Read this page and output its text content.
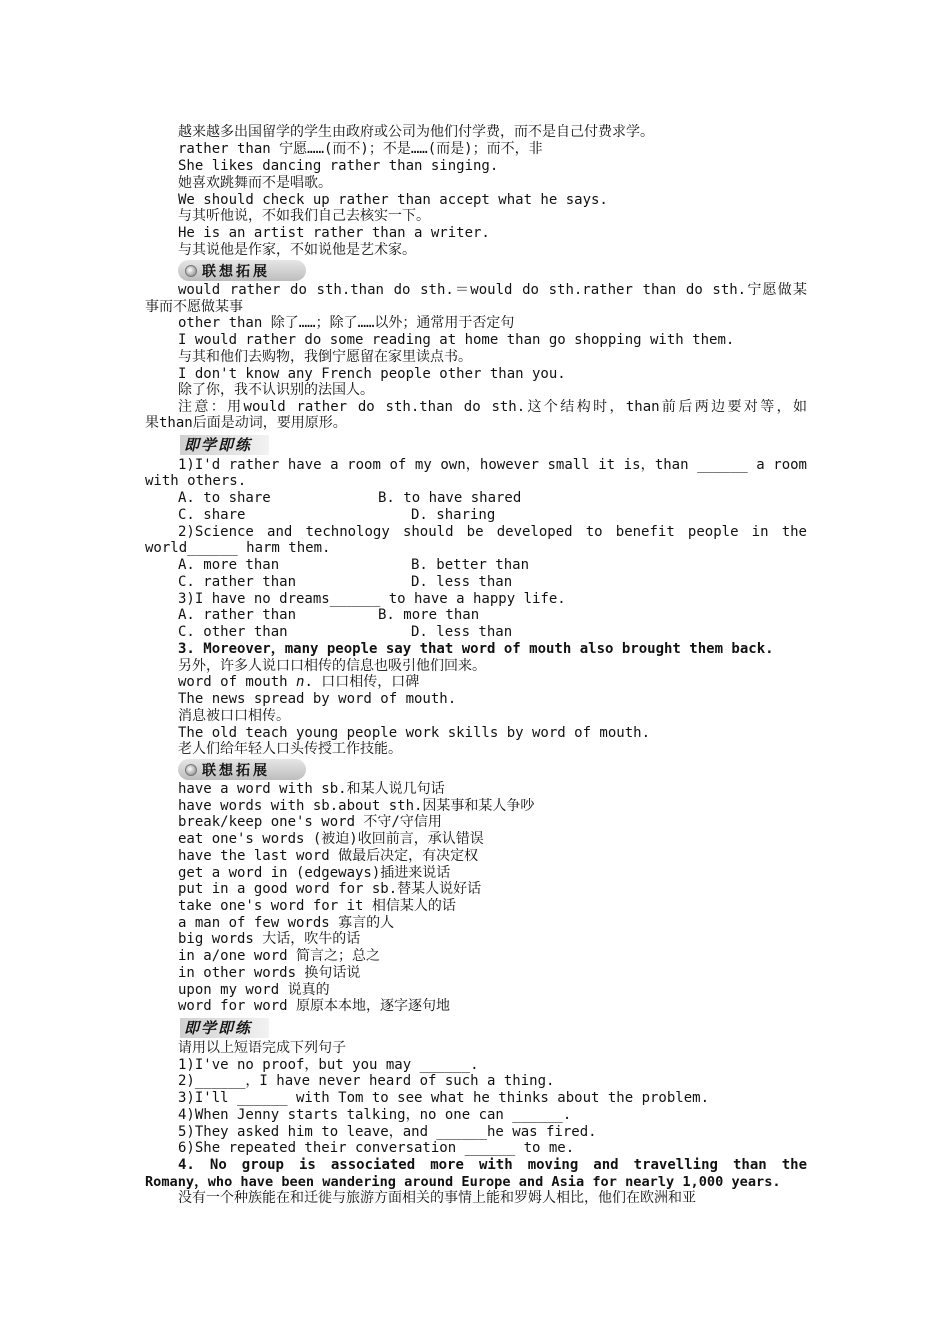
越来越多出国留学的学生由政府或公司为他们付学费，而不是自己付费求学。
rather than 宁愿……(而不)；不是……(而是)；而不，非
She likes dancing rather than singing.
她喜欢跳舞而不是唱歌。
We should check up rather than accept what he says.
与其听他说，不如我们自己去核实一下。
He is an artist rather than a writer.
与其说他是作家，不如说他是艺术家。
联想拓展
would rather do sth.than do sth.＝would do sth.rather than do sth.宁愿做某
事而不愿做某事
other than 除了……；除了……以外；通常用于否定句
I would rather do some reading at home than go shopping with them.
与其和他们去购物，我倒宁愿留在家里读点书。
I don't know any French people other than you.
除了你，我不认识别的法国人。
注意：用would rather do sth.than do sth.这个结构时，than前后两边要对等，如
果than后面是动词，要用原形。
即学即练
1)I'd rather have a room of my own，however small it is，than ______ a room
with others.
A. to share	B. to have shared
C. share	D. sharing
2)Science and technology should be developed to benefit people in the
world______ harm them.
A. more than	B. better than
C. rather than	D. less than
3)I have no dreams______ to have a happy life.
A. rather than	B. more than
C. other than	D. less than
3. Moreover，many people say that word of mouth also brought them back.
另外，许多人说口口相传的信息也吸引他们回来。
word of mouth n. 口口相传，口碑
The news spread by word of mouth.
消息被口口相传。
The old teach young people work skills by word of mouth.
老人们给年轻人口头传授工作技能。
联想拓展
have a word with sb.和某人说几句话
have words with sb.about sth.因某事和某人争吵
break/keep one's word 不守/守信用
eat one's words (被迫)收回前言，承认错误
have the last word 做最后决定，有决定权
get a word in (edgeways)插进来说话
put in a good word for sb.替某人说好话
take one's word for it 相信某人的话
a man of few words 寡言的人
big words 大话，吹牛的话
in a/one word 简言之；总之
in other words 换句话说
upon my word 说真的
word for word 原原本本地，逐字逐句地
即学即练
请用以上短语完成下列句子
1)I've no proof，but you may ______.
2)______，I have never heard of such a thing.
3)I'll ______ with Tom to see what he thinks about the problem.
4)When Jenny starts talking，no one can ______.
5)They asked him to leave，and ______he was fired.
6)She repeated their conversation ______ to me.
4. No group is associated more with moving and travelling than the
Romany，who have been wandering around Europe and Asia for nearly 1,000 years.
没有一个种族能在和迁徙与旅游方面相关的事情上能和罗姆人相比，他们在欧洲和亚
